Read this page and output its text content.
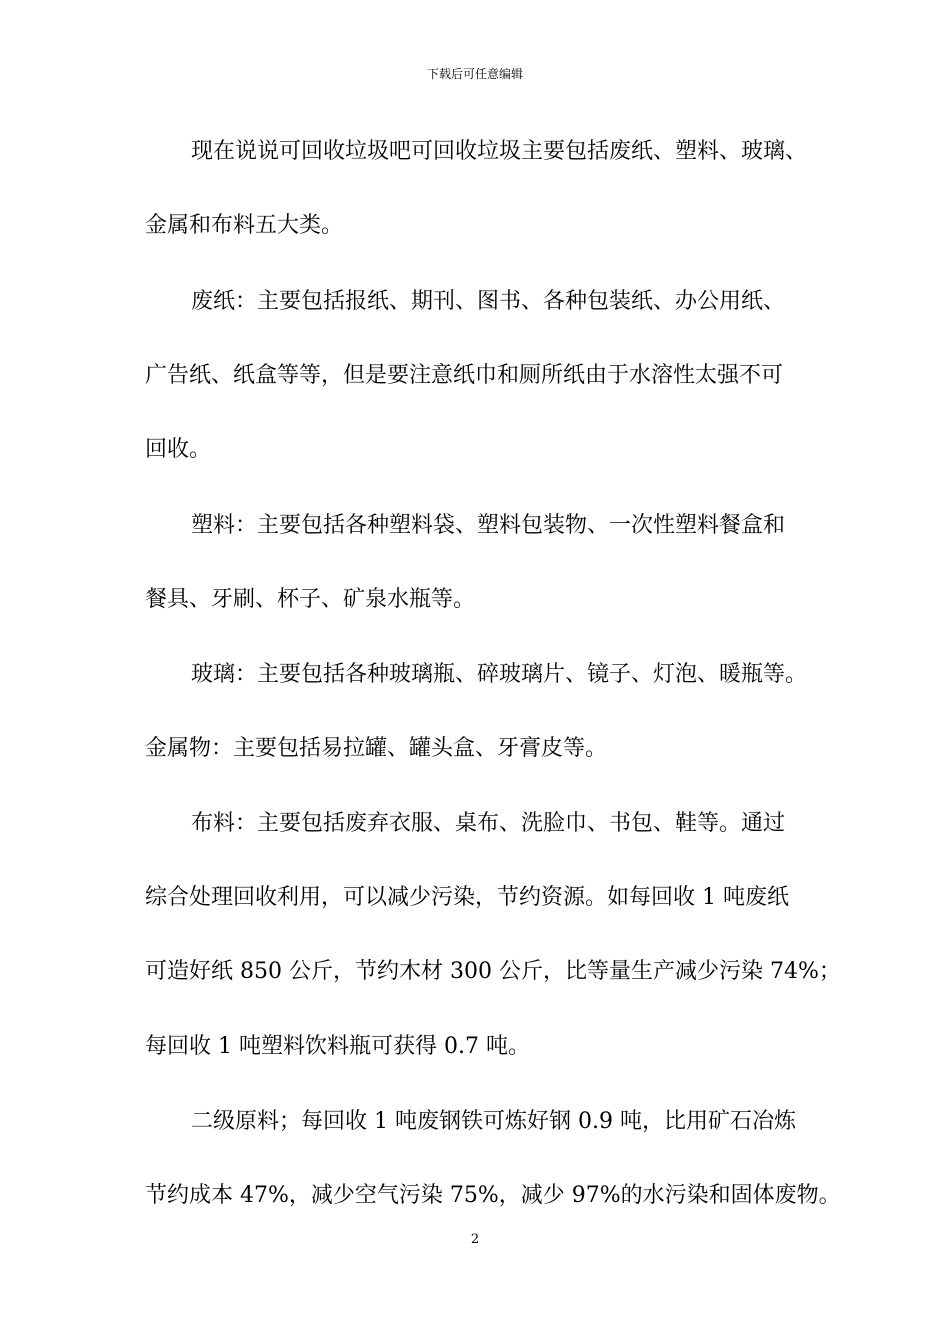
下载后可任意编辑
现在说说可回收垃圾吧可回收垃圾主要包括废纸、塑料、玻璃、
金属和布料五大类。
废纸：主要包括报纸、期刊、图书、各种包装纸、办公用纸、
广告纸、纸盒等等，但是要注意纸巾和厕所纸由于水溶性太强不可
回收。
塑料：主要包括各种塑料袋、塑料包装物、一次性塑料餐盒和
餐具、牙刷、杯子、矿泉水瓶等。
玻璃：主要包括各种玻璃瓶、碎玻璃片、镜子、灯泡、暖瓶等。
金属物：主要包括易拉罐、罐头盒、牙膏皮等。
布料：主要包括废弃衣服、桌布、洗脸巾、书包、鞋等。通过
综合处理回收利用，可以减少污染，节约资源。如每回收 1 吨废纸
可造好纸 850 公斤，节约木材 300 公斤，比等量生产减少污染 74%；
每回收 1 吨塑料饮料瓶可获得 0.7 吨。
二级原料；每回收 1 吨废钢铁可炼好钢 0.9 吨，比用矿石冶炼
节约成本 47%，减少空气污染 75%，减少 97%的水污染和固体废物。
2
